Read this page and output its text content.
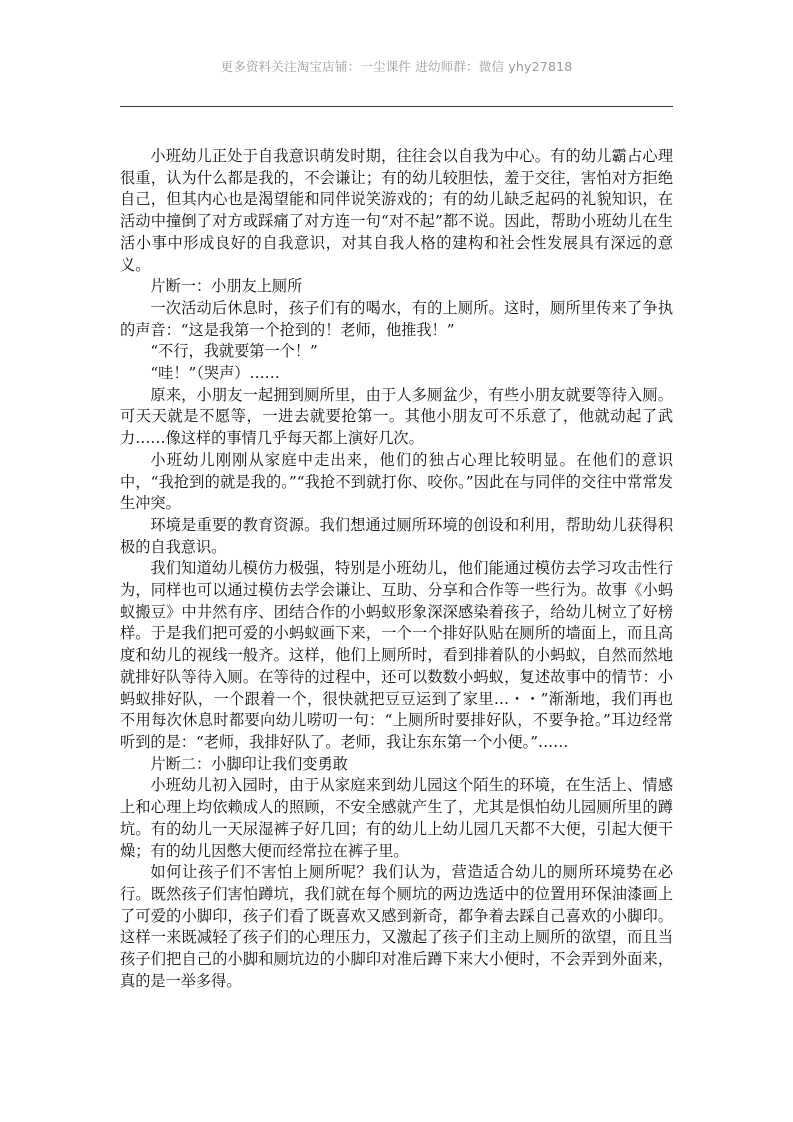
更多资料关注淘宝店铺：一尘课件 进幼师群：微信 yhy27818

小班幼儿正处于自我意识萌发时期，往往会以自我为中心。有的幼儿霸占心理很重，认为什么都是我的，不会谦让；有的幼儿较胆怯，羞于交往，害怕对方拒绝自己，但其内心也是渴望能和同伴说笑游戏的；有的幼儿缺乏起码的礼貌知识，在活动中撞倒了对方或踩痛了对方连一句“对不起”都不说。因此，帮助小班幼儿在生活小事中形成良好的自我意识，对其自我人格的建构和社会性发展具有深远的意义。

片断一：小朋友上厕所

一次活动后休息时，孩子们有的喝水，有的上厕所。这时，厕所里传来了争执的声音：“这是我第一个抢到的！老师，他推我！”

“不行，我就要第一个！”

“哇！”（哭声）……

原来，小朋友一起拥到厕所里，由于人多厕盆少，有些小朋友就要等待入厕。可天天就是不愿等，一进去就要抢第一。其他小朋友可不乐意了，他就动起了武力……像这样的事情几乎每天都上演好几次。

小班幼儿刚刚从家庭中走出来，他们的独占心理比较明显。在他们的意识中，“我抢到的就是我的。”“我抢不到就打你、咬你。”因此在与同伴的交往中常常发生冲突。

环境是重要的教育资源。我们想通过厕所环境的创设和利用，帮助幼儿获得积极的自我意识。

我们知道幼儿模仿力极强，特别是小班幼儿，他们能通过模仿去学习攻击性行为，同样也可以通过模仿去学会谦让、互助、分享和合作等一些行为。故事《小蚂蚁搬豆》中井然有序、团结合作的小蚂蚁形象深深感染着孩子，给幼儿树立了好榜样。于是我们把可爱的小蚂蚁画下来，一个一个排好队贴在厕所的墙面上，而且高度和幼儿的视线一般齐。这样，他们上厕所时，看到排着队的小蚂蚁，自然而然地就排好队等待入厕。在等待的过程中，还可以数数小蚂蚁，复述故事中的情节：小蚂蚁排好队，一个跟着一个，很快就把豆豆运到了家里…・・”渐渐地，我们再也不用每次休息时都要向幼儿唠叨一句：“上厕所时要排好队，不要争抢。”耳边经常听到的是：“老师，我排好队了。老师，我让东东第一个小便。”……

片断二：小脚印让我们变勇敢

小班幼儿初入园时，由于从家庭来到幼儿园这个陌生的环境，在生活上、情感上和心理上均依赖成人的照顾，不安全感就产生了，尤其是惧怕幼儿园厕所里的蹲坑。有的幼儿一天尿湿裤子好几回；有的幼儿上幼儿园几天都不大便，引起大便干燥；有的幼儿因憋大便而经常拉在裤子里。

如何让孩子们不害怕上厕所呢？我们认为，营造适合幼儿的厕所环境势在必行。既然孩子们害怕蹲坑，我们就在每个厕坑的两边选适中的位置用环保油漆画上了可爱的小脚印，孩子们看了既喜欢又感到新奇，都争着去踩自己喜欢的小脚印。这样一来既减轻了孩子们的心理压力，又激起了孩子们主动上厕所的欲望，而且当孩子们把自己的小脚和厕坑边的小脚印对准后蹲下来大小便时，不会弄到外面来，真的是一举多得。
